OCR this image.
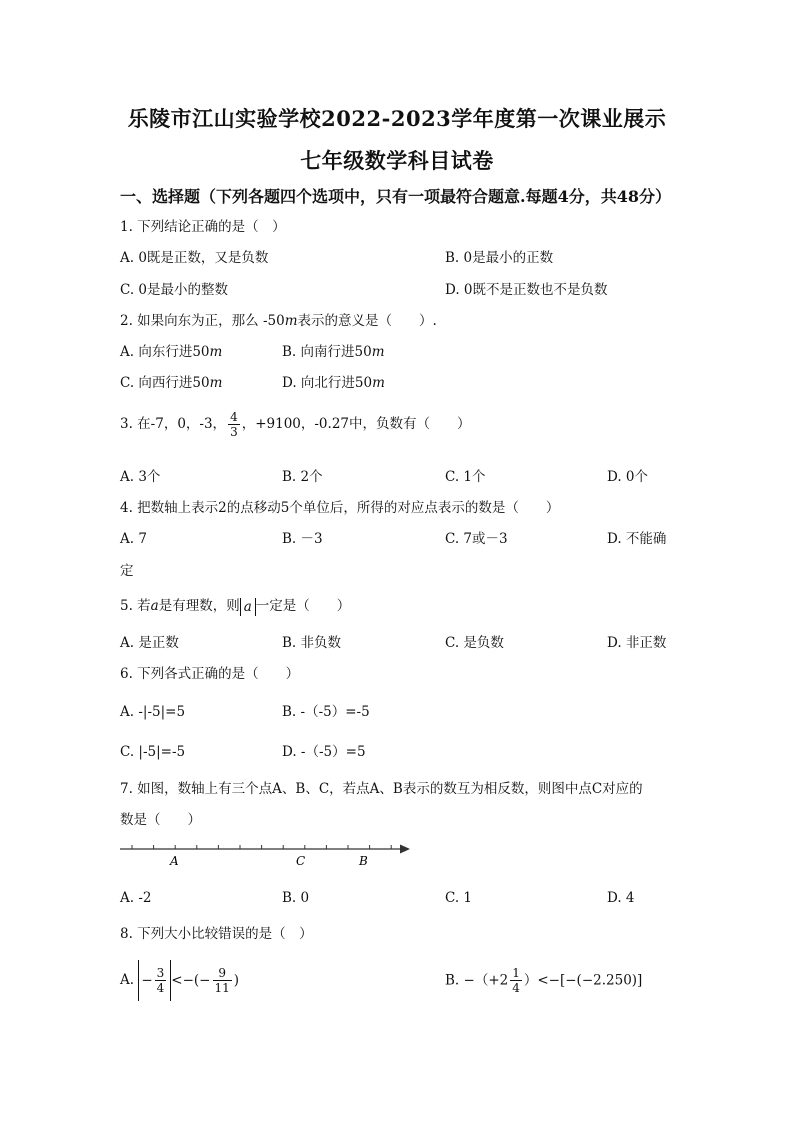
乐陵市江山实验学校2022-2023学年度第一次课业展示
七年级数学科目试卷
一、选择题（下列各题四个选项中，只有一项最符合题意.每题4分，共48分）
1. 下列结论正确的是（　）
A. 0既是正数，又是负数	B. 0是最小的正数
C. 0是最小的整数	D. 0既不是正数也不是负数
2. 如果向东为正，那么 -50m表示的意义是（　　）.
A. 向东行进50m	B. 向南行进50m
C. 向西行进50m	D. 向北行进50m
3. 在-7，0，-3， $\frac{4}{3}$ ，+9100，-0.27中，负数有（　　）
A. 3个	B. 2个	C. 1个	D. 0个
4. 把数轴上表示2的点移动5个单位后，所得的对应点表示的数是（　　）
A. 7	B. －3	C. 7或－3	D. 不能确
定
5. 若a是有理数，则 a 一定是（　　）
A. 是正数	B. 非负数	C. 是负数	D. 非正数
6. 下列各式正确的是（　　）
A. -|-5|=5	B. -（-5）=-5
C. |-5|=-5	D. -（-5）=5
7. 如图，数轴上有三个点A、B、C，若点A、B表示的数互为相反数，则图中点C对应的
数是（　　）
A	C	B
A. -2	B. 0	C. 1	D. 4
8. 下列大小比较错误的是（　）
A. − $\frac{3}{4}$ <−(− $\frac{9}{11}$ )	B. $-(+2 \frac{1}{4} )<-[-(-2.250)]$
